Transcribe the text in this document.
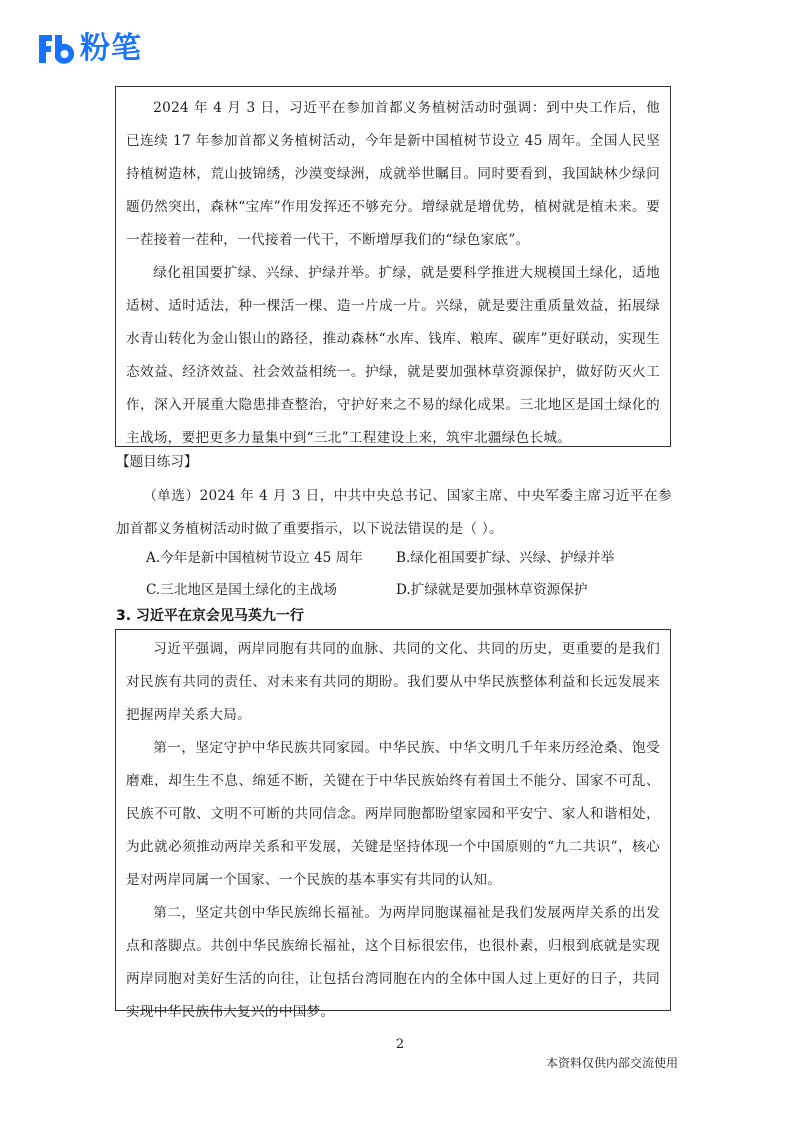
粉笔

2024 年 4 月 3 日，习近平在参加首都义务植树活动时强调：到中央工作后，他已连续 17 年参加首都义务植树活动，今年是新中国植树节设立 45 周年。全国人民坚持植树造林，荒山披锦绣，沙漠变绿洲，成就举世瞩目。同时要看到，我国缺林少绿问题仍然突出，森林“宝库”作用发挥还不够充分。增绿就是增优势，植树就是植未来。要一茬接着一茬种，一代接着一代干，不断增厚我们的“绿色家底”。

绿化祖国要扩绿、兴绿、护绿并举。扩绿，就是要科学推进大规模国土绿化，适地适树、适时适法，种一棵活一棵、造一片成一片。兴绿，就是要注重质量效益，拓展绿水青山转化为金山银山的路径，推动森林“水库、钱库、粮库、碳库”更好联动，实现生态效益、经济效益、社会效益相统一。护绿，就是要加强林草资源保护，做好防灭火工作，深入开展重大隐患排查整治，守护好来之不易的绿化成果。三北地区是国土绿化的主战场，要把更多力量集中到“三北”工程建设上来，筑牢北疆绿色长城。

【题目练习】

（单选）2024 年 4 月 3 日，中共中央总书记、国家主席、中央军委主席习近平在参加首都义务植树活动时做了重要指示，以下说法错误的是（ ）。

A.今年是新中国植树节设立 45 周年	B.绿化祖国要扩绿、兴绿、护绿并举
C.三北地区是国土绿化的主战场	D.扩绿就是要加强林草资源保护
3. 习近平在京会见马英九一行

习近平强调，两岸同胞有共同的血脉、共同的文化、共同的历史，更重要的是我们对民族有共同的责任、对未来有共同的期盼。我们要从中华民族整体利益和长远发展来把握两岸关系大局。

第一，坚定守护中华民族共同家园。中华民族、中华文明几千年来历经沧桑、饱受磨难，却生生不息、绵延不断，关键在于中华民族始终有着国土不能分、国家不可乱、民族不可散、文明不可断的共同信念。两岸同胞都盼望家园和平安宁、家人和谐相处，为此就必须推动两岸关系和平发展，关键是坚持体现一个中国原则的“九二共识”，核心是对两岸同属一个国家、一个民族的基本事实有共同的认知。

第二，坚定共创中华民族绵长福祉。为两岸同胞谋福祉是我们发展两岸关系的出发点和落脚点。共创中华民族绵长福祉，这个目标很宏伟，也很朴素，归根到底就是实现两岸同胞对美好生活的向往，让包括台湾同胞在内的全体中国人过上更好的日子，共同实现中华民族伟大复兴的中国梦。

2
本资料仅供内部交流使用
